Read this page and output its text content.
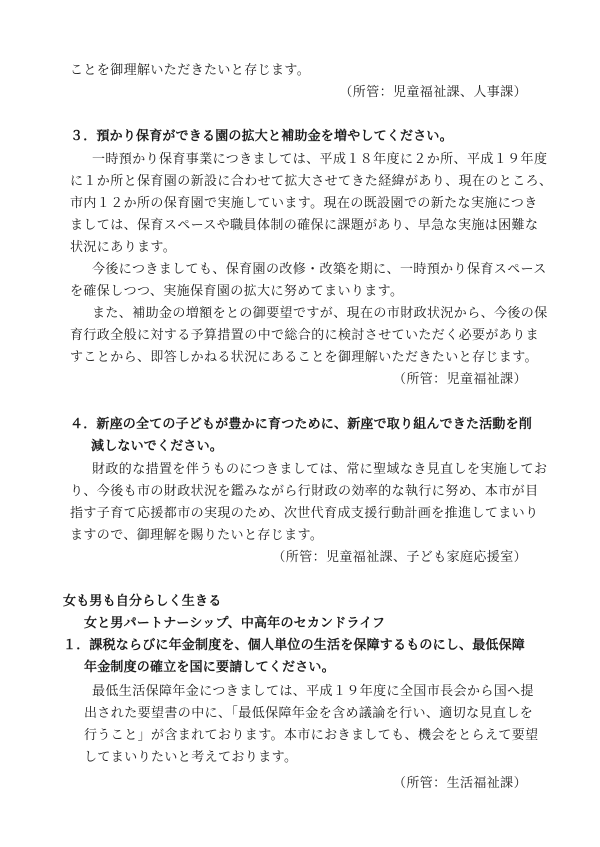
ことを御理解いただきたいと存じます。
（所管：児童福祉課、人事課）
３．預かり保育ができる園の拡大と補助金を増やしてください。
一時預かり保育事業につきましては、平成１８年度に２か所、平成１９年度
に１か所と保育園の新設に合わせて拡大させてきた経緯があり、現在のところ、
市内１２か所の保育園で実施しています。現在の既設園での新たな実施につき
ましては、保育スペースや職員体制の確保に課題があり、早急な実施は困難な
状況にあります。
今後につきましても、保育園の改修・改築を期に、一時預かり保育スペース
を確保しつつ、実施保育園の拡大に努めてまいります。
また、補助金の増額をとの御要望ですが、現在の市財政状況から、今後の保
育行政全般に対する予算措置の中で総合的に検討させていただく必要がありま
すことから、即答しかねる状況にあることを御理解いただきたいと存じます。
（所管：児童福祉課）
４．新座の全ての子どもが豊かに育つために、新座で取り組んできた活動を削
減しないでください。
財政的な措置を伴うものにつきましては、常に聖域なき見直しを実施してお
り、今後も市の財政状況を鑑みながら行財政の効率的な執行に努め、本市が目
指す子育て応援都市の実現のため、次世代育成支援行動計画を推進してまいり
ますので、御理解を賜りたいと存じます。
（所管：児童福祉課、子ども家庭応援室）
女も男も自分らしく生きる
女と男パートナーシップ、中高年のセカンドライフ
１．課税ならびに年金制度を、個人単位の生活を保障するものにし、最低保障
年金制度の確立を国に要請してください。
最低生活保障年金につきましては、平成１９年度に全国市長会から国へ提
出された要望書の中に、「最低保障年金を含め議論を行い、適切な見直しを
行うこと」が含まれております。本市におきましても、機会をとらえて要望
してまいりたいと考えております。
（所管：生活福祉課）
